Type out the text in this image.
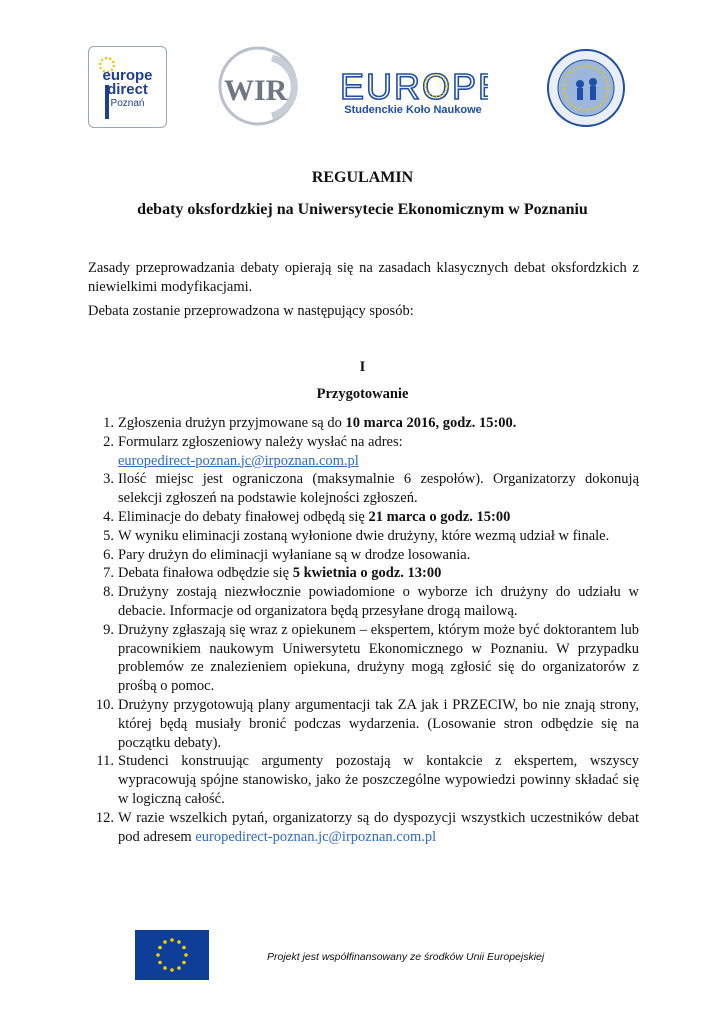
europe
direct
Poznań	WIR EUROPE
Studenckie Koło Naukowe
REGULAMIN
debaty oksfordzkiej na Uniwersytecie Ekonomicznym w Poznaniu
Zasady przeprowadzania debaty opierają się na zasadach klasycznych debat oksfordzkich z niewielkimi modyfikacjami.
Debata zostanie przeprowadzona w następujący sposób:
I
Przygotowanie
1. Zgłoszenia drużyn przyjmowane są do 10 marca 2016, godz. 15:00.
2. Formularz zgłoszeniowy należy wysłać na adres:
europedirect-poznan.jc@irpoznan.com.pl
3. Ilość miejsc jest ograniczona (maksymalnie 6 zespołów). Organizatorzy dokonują selekcji zgłoszeń na podstawie kolejności zgłoszeń.
4. Eliminacje do debaty finałowej odbędą się 21 marca o godz. 15:00
5. W wyniku eliminacji zostaną wyłonione dwie drużyny, które wezmą udział w finale.
6. Pary drużyn do eliminacji wyłaniane są w drodze losowania.
7. Debata finałowa odbędzie się 5 kwietnia o godz. 13:00
8. Drużyny zostają niezwłocznie powiadomione o wyborze ich drużyny do udziału w debacie. Informacje od organizatora będą przesyłane drogą mailową.
9. Drużyny zgłaszają się wraz z opiekunem – ekspertem, którym może być doktorantem lub pracownikiem naukowym Uniwersytetu Ekonomicznego w Poznaniu. W przypadku problemów ze znalezieniem opiekuna, drużyny mogą zgłosić się do organizatorów z prośbą o pomoc.
10. Drużyny przygotowują plany argumentacji tak ZA jak i PRZECIW, bo nie znają strony, której będą musiały bronić podczas wydarzenia. (Losowanie stron odbędzie się na początku debaty).
11. Studenci konstruując argumenty pozostają w kontakcie z ekspertem, wszyscy wypracowują spójne stanowisko, jako że poszczególne wypowiedzi powinny składać się w logiczną całość.
12. W razie wszelkich pytań, organizatorzy są do dyspozycji wszystkich uczestników debat pod adresem europedirect-poznan.jc@irpoznan.com.pl
Projekt jest współfinansowany ze środków Unii Europejskiej
